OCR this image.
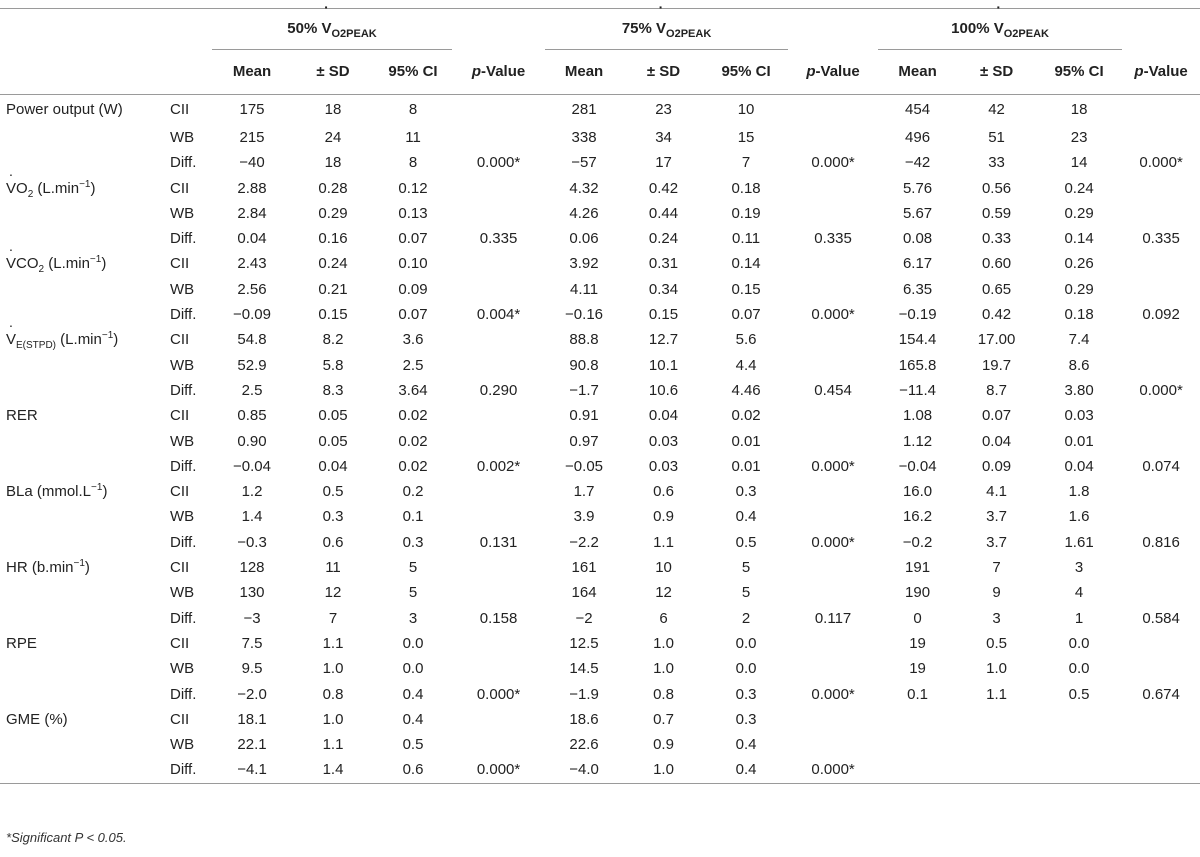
		$50\% \cdot V_{O2PEAK}$				$75\% \cdot V_{O2PEAK}$				$100\% \cdot V_{O2PEAK}$	
		Mean	± SD	95% CI	p-Value	Mean	± SD	95% CI	p-Value	Mean	± SD	95% CI	p-Value
Power output (W)	CII	175	18	8		281	23	10		454	42	18	
	WB	215	24	11		338	34	15		496	51	23	
	Diff.	−40	18	8	0.000*	−57	17	7	0.000*	−42	33	14	0.000*
· $VO_2$ $(L.\min^{-1})$	CII	2.88	0.28	0.12		4.32	0.42	0.18		5.76	0.56	0.24	
	WB	2.84	0.29	0.13		4.26	0.44	0.19		5.67	0.59	0.29	
	Diff.	0.04	0.16	0.07	0.335	0.06	0.24	0.11	0.335	0.08	0.33	0.14	0.335
· $VCO_2$ $(L.\min^{-1})$	CII	2.43	0.24	0.10		3.92	0.31	0.14		6.17	0.60	0.26	
	WB	2.56	0.21	0.09		4.11	0.34	0.15		6.35	0.65	0.29	
	Diff.	−0.09	0.15	0.07	0.004*	−0.16	0.15	0.07	0.000*	−0.19	0.42	0.18	0.092
· $V_{E(STPD)}$ $(L.\min^{-1})$	CII	54.8	8.2	3.6		88.8	12.7	5.6		154.4	17.00	7.4	
	WB	52.9	5.8	2.5		90.8	10.1	4.4		165.8	19.7	8.6	
	Diff.	2.5	8.3	3.64	0.290	−1.7	10.6	4.46	0.454	−11.4	8.7	3.80	0.000*
RER	CII	0.85	0.05	0.02		0.91	0.04	0.02		1.08	0.07	0.03	
	WB	0.90	0.05	0.02		0.97	0.03	0.01		1.12	0.04	0.01	
	Diff.	−0.04	0.04	0.02	0.002*	−0.05	0.03	0.01	0.000*	−0.04	0.09	0.04	0.074
BLa $(mmol.L^{-1})$	CII	1.2	0.5	0.2		1.7	0.6	0.3		16.0	4.1	1.8	
	WB	1.4	0.3	0.1		3.9	0.9	0.4		16.2	3.7	1.6	
	Diff.	−0.3	0.6	0.3	0.131	−2.2	1.1	0.5	0.000*	−0.2	3.7	1.61	0.816
HR $(b.\min^{-1})$	CII	128	11	5		161	10	5		191	7	3	
	WB	130	12	5		164	12	5		190	9	4	
	Diff.	−3	7	3	0.158	−2	6	2	0.117	0	3	1	0.584
RPE	CII	7.5	1.1	0.0		12.5	1.0	0.0		19	0.5	0.0	
	WB	9.5	1.0	0.0		14.5	1.0	0.0		19	1.0	0.0	
	Diff.	−2.0	0.8	0.4	0.000*	−1.9	0.8	0.3	0.000*	0.1	1.1	0.5	0.674
GME (%)	CII	18.1	1.0	0.4		18.6	0.7	0.3					
	WB	22.1	1.1	0.5		22.6	0.9	0.4					
	Diff.	−4.1	1.4	0.6	0.000*	−4.0	1.0	0.4	0.000*				
*Significant P < 0.05.
